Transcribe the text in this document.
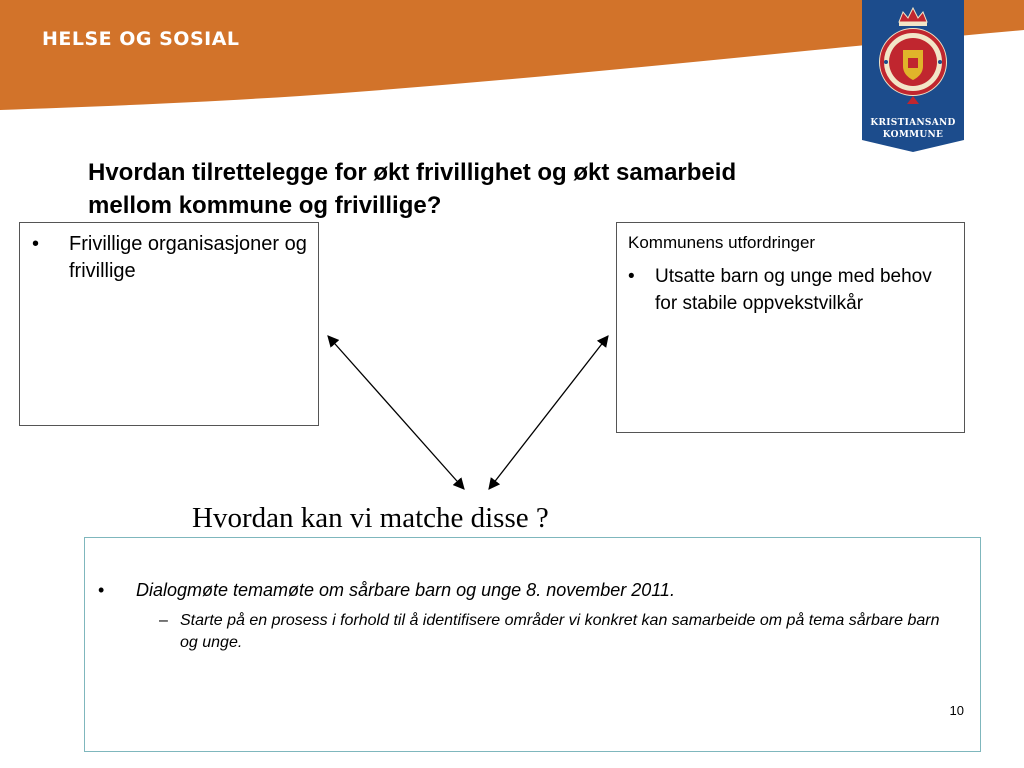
HELSE OG SOSIAL
KRISTIANSAND
KOMMUNE
Hvordan tilrettelegge for økt frivillighet og økt samarbeid mellom kommune og frivillige?
•	Frivillige organisasjoner og frivillige
Kommunens utfordringer
•	Utsatte barn og unge med behov for stabile oppvekstvilkår
Hvordan kan vi matche disse ?
•	Dialogmøte temamøte om sårbare barn og unge 8. november 2011.
– Starte på en prosess i forhold til å identifisere områder vi konkret kan samarbeide om på tema sårbare barn og unge.
10
